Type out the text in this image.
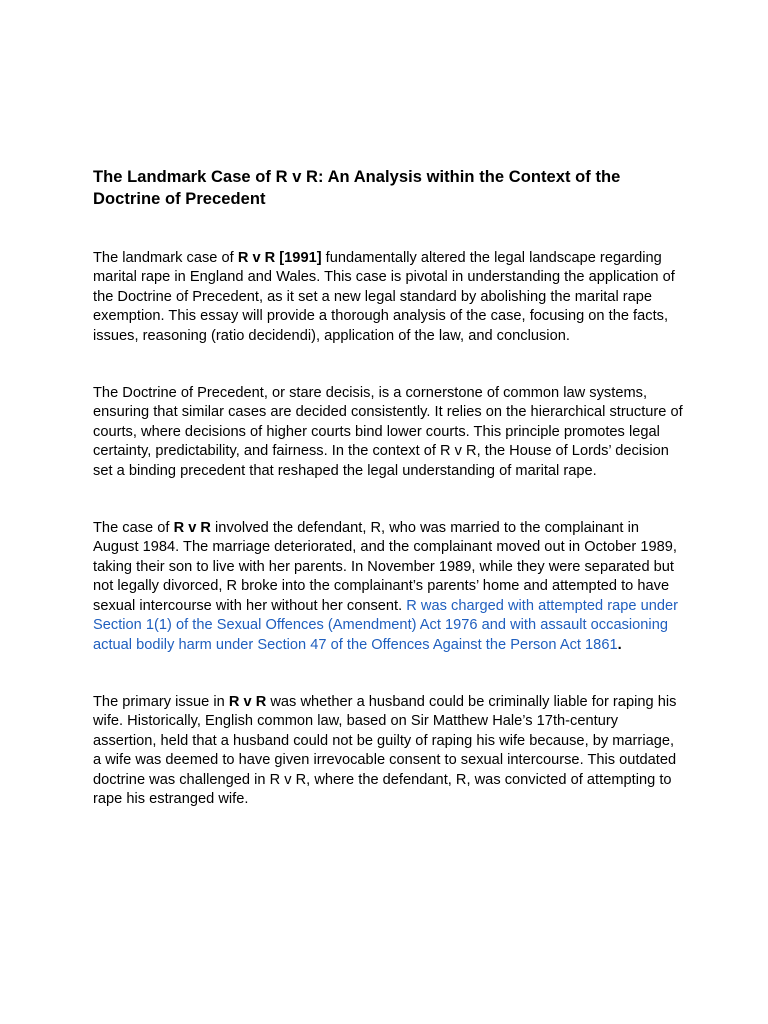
The Landmark Case of R v R: An Analysis within the Context of the Doctrine of Precedent

The landmark case of R v R [1991] fundamentally altered the legal landscape regarding marital rape in England and Wales. This case is pivotal in understanding the application of the Doctrine of Precedent, as it set a new legal standard by abolishing the marital rape exemption. This essay will provide a thorough analysis of the case, focusing on the facts, issues, reasoning (ratio decidendi), application of the law, and conclusion.

The Doctrine of Precedent, or stare decisis, is a cornerstone of common law systems, ensuring that similar cases are decided consistently. It relies on the hierarchical structure of courts, where decisions of higher courts bind lower courts. This principle promotes legal certainty, predictability, and fairness. In the context of R v R, the House of Lords’ decision set a binding precedent that reshaped the legal understanding of marital rape.

The case of R v R involved the defendant, R, who was married to the complainant in August 1984. The marriage deteriorated, and the complainant moved out in October 1989, taking their son to live with her parents. In November 1989, while they were separated but not legally divorced, R broke into the complainant’s parents’ home and attempted to have sexual intercourse with her without her consent. R was charged with attempted rape under Section 1(1) of the Sexual Offences (Amendment) Act 1976 and with assault occasioning actual bodily harm under Section 47 of the Offences Against the Person Act 1861.

The primary issue in R v R was whether a husband could be criminally liable for raping his wife. Historically, English common law, based on Sir Matthew Hale’s 17th-century assertion, held that a husband could not be guilty of raping his wife because, by marriage, a wife was deemed to have given irrevocable consent to sexual intercourse. This outdated doctrine was challenged in R v R, where the defendant, R, was convicted of attempting to rape his estranged wife.
